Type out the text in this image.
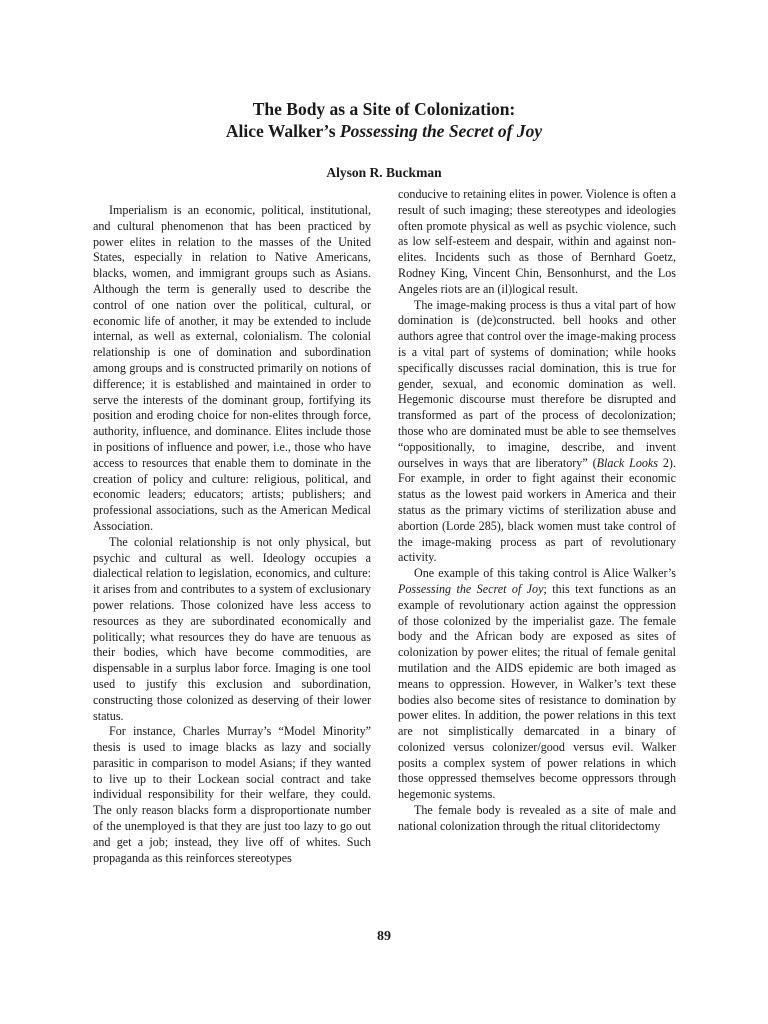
The Body as a Site of Colonization:
Alice Walker’s Possessing the Secret of Joy
Alyson R. Buckman

Imperialism is an economic, political, institutional, and cultural phenomenon that has been practiced by power elites in relation to the masses of the United States, especially in relation to Native Americans, blacks, women, and immigrant groups such as Asians. Although the term is generally used to describe the control of one nation over the political, cultural, or economic life of another, it may be extended to include internal, as well as external, colonialism. The colonial relationship is one of domination and subordination among groups and is constructed primarily on notions of difference; it is established and maintained in order to serve the interests of the dominant group, fortifying its position and eroding choice for non-elites through force, authority, influence, and dominance. Elites include those in positions of influence and power, i.e., those who have access to resources that enable them to dominate in the creation of policy and culture: religious, political, and economic leaders; educators; artists; publishers; and professional associations, such as the American Medical Association.

The colonial relationship is not only physical, but psychic and cultural as well. Ideology occupies a dialectical relation to legislation, economics, and culture: it arises from and contributes to a system of exclusionary power relations. Those colonized have less access to resources as they are subordinated economically and politically; what resources they do have are tenuous as their bodies, which have become commodities, are dispensable in a surplus labor force. Imaging is one tool used to justify this exclusion and subordination, constructing those colonized as deserving of their lower status.

For instance, Charles Murray’s “Model Minority” thesis is used to image blacks as lazy and socially parasitic in comparison to model Asians; if they wanted to live up to their Lockean social contract and take individual responsibility for their welfare, they could. The only reason blacks form a disproportionate number of the unemployed is that they are just too lazy to go out and get a job; instead, they live off of whites. Such propaganda as this reinforces stereotypes

conducive to retaining elites in power. Violence is often a result of such imaging; these stereotypes and ideologies often promote physical as well as psychic violence, such as low self-esteem and despair, within and against non-elites. Incidents such as those of Bernhard Goetz, Rodney King, Vincent Chin, Bensonhurst, and the Los Angeles riots are an (il)logical result.

The image-making process is thus a vital part of how domination is (de)constructed. bell hooks and other authors agree that control over the image-making process is a vital part of systems of domination; while hooks specifically discusses racial domination, this is true for gender, sexual, and economic domination as well. Hegemonic discourse must therefore be disrupted and transformed as part of the process of decolonization; those who are dominated must be able to see themselves “oppositionally, to imagine, describe, and invent ourselves in ways that are liberatory” (Black Looks 2). For example, in order to fight against their economic status as the lowest paid workers in America and their status as the primary victims of sterilization abuse and abortion (Lorde 285), black women must take control of the image-making process as part of revolutionary activity.

One example of this taking control is Alice Walker’s Possessing the Secret of Joy; this text functions as an example of revolutionary action against the oppression of those colonized by the imperialist gaze. The female body and the African body are exposed as sites of colonization by power elites; the ritual of female genital mutilation and the AIDS epidemic are both imaged as means to oppression. However, in Walker’s text these bodies also become sites of resistance to domination by power elites. In addition, the power relations in this text are not simplistically demarcated in a binary of colonized versus colonizer/good versus evil. Walker posits a complex system of power relations in which those oppressed themselves become oppressors through hegemonic systems.

The female body is revealed as a site of male and national colonization through the ritual clitoridectomy

89
